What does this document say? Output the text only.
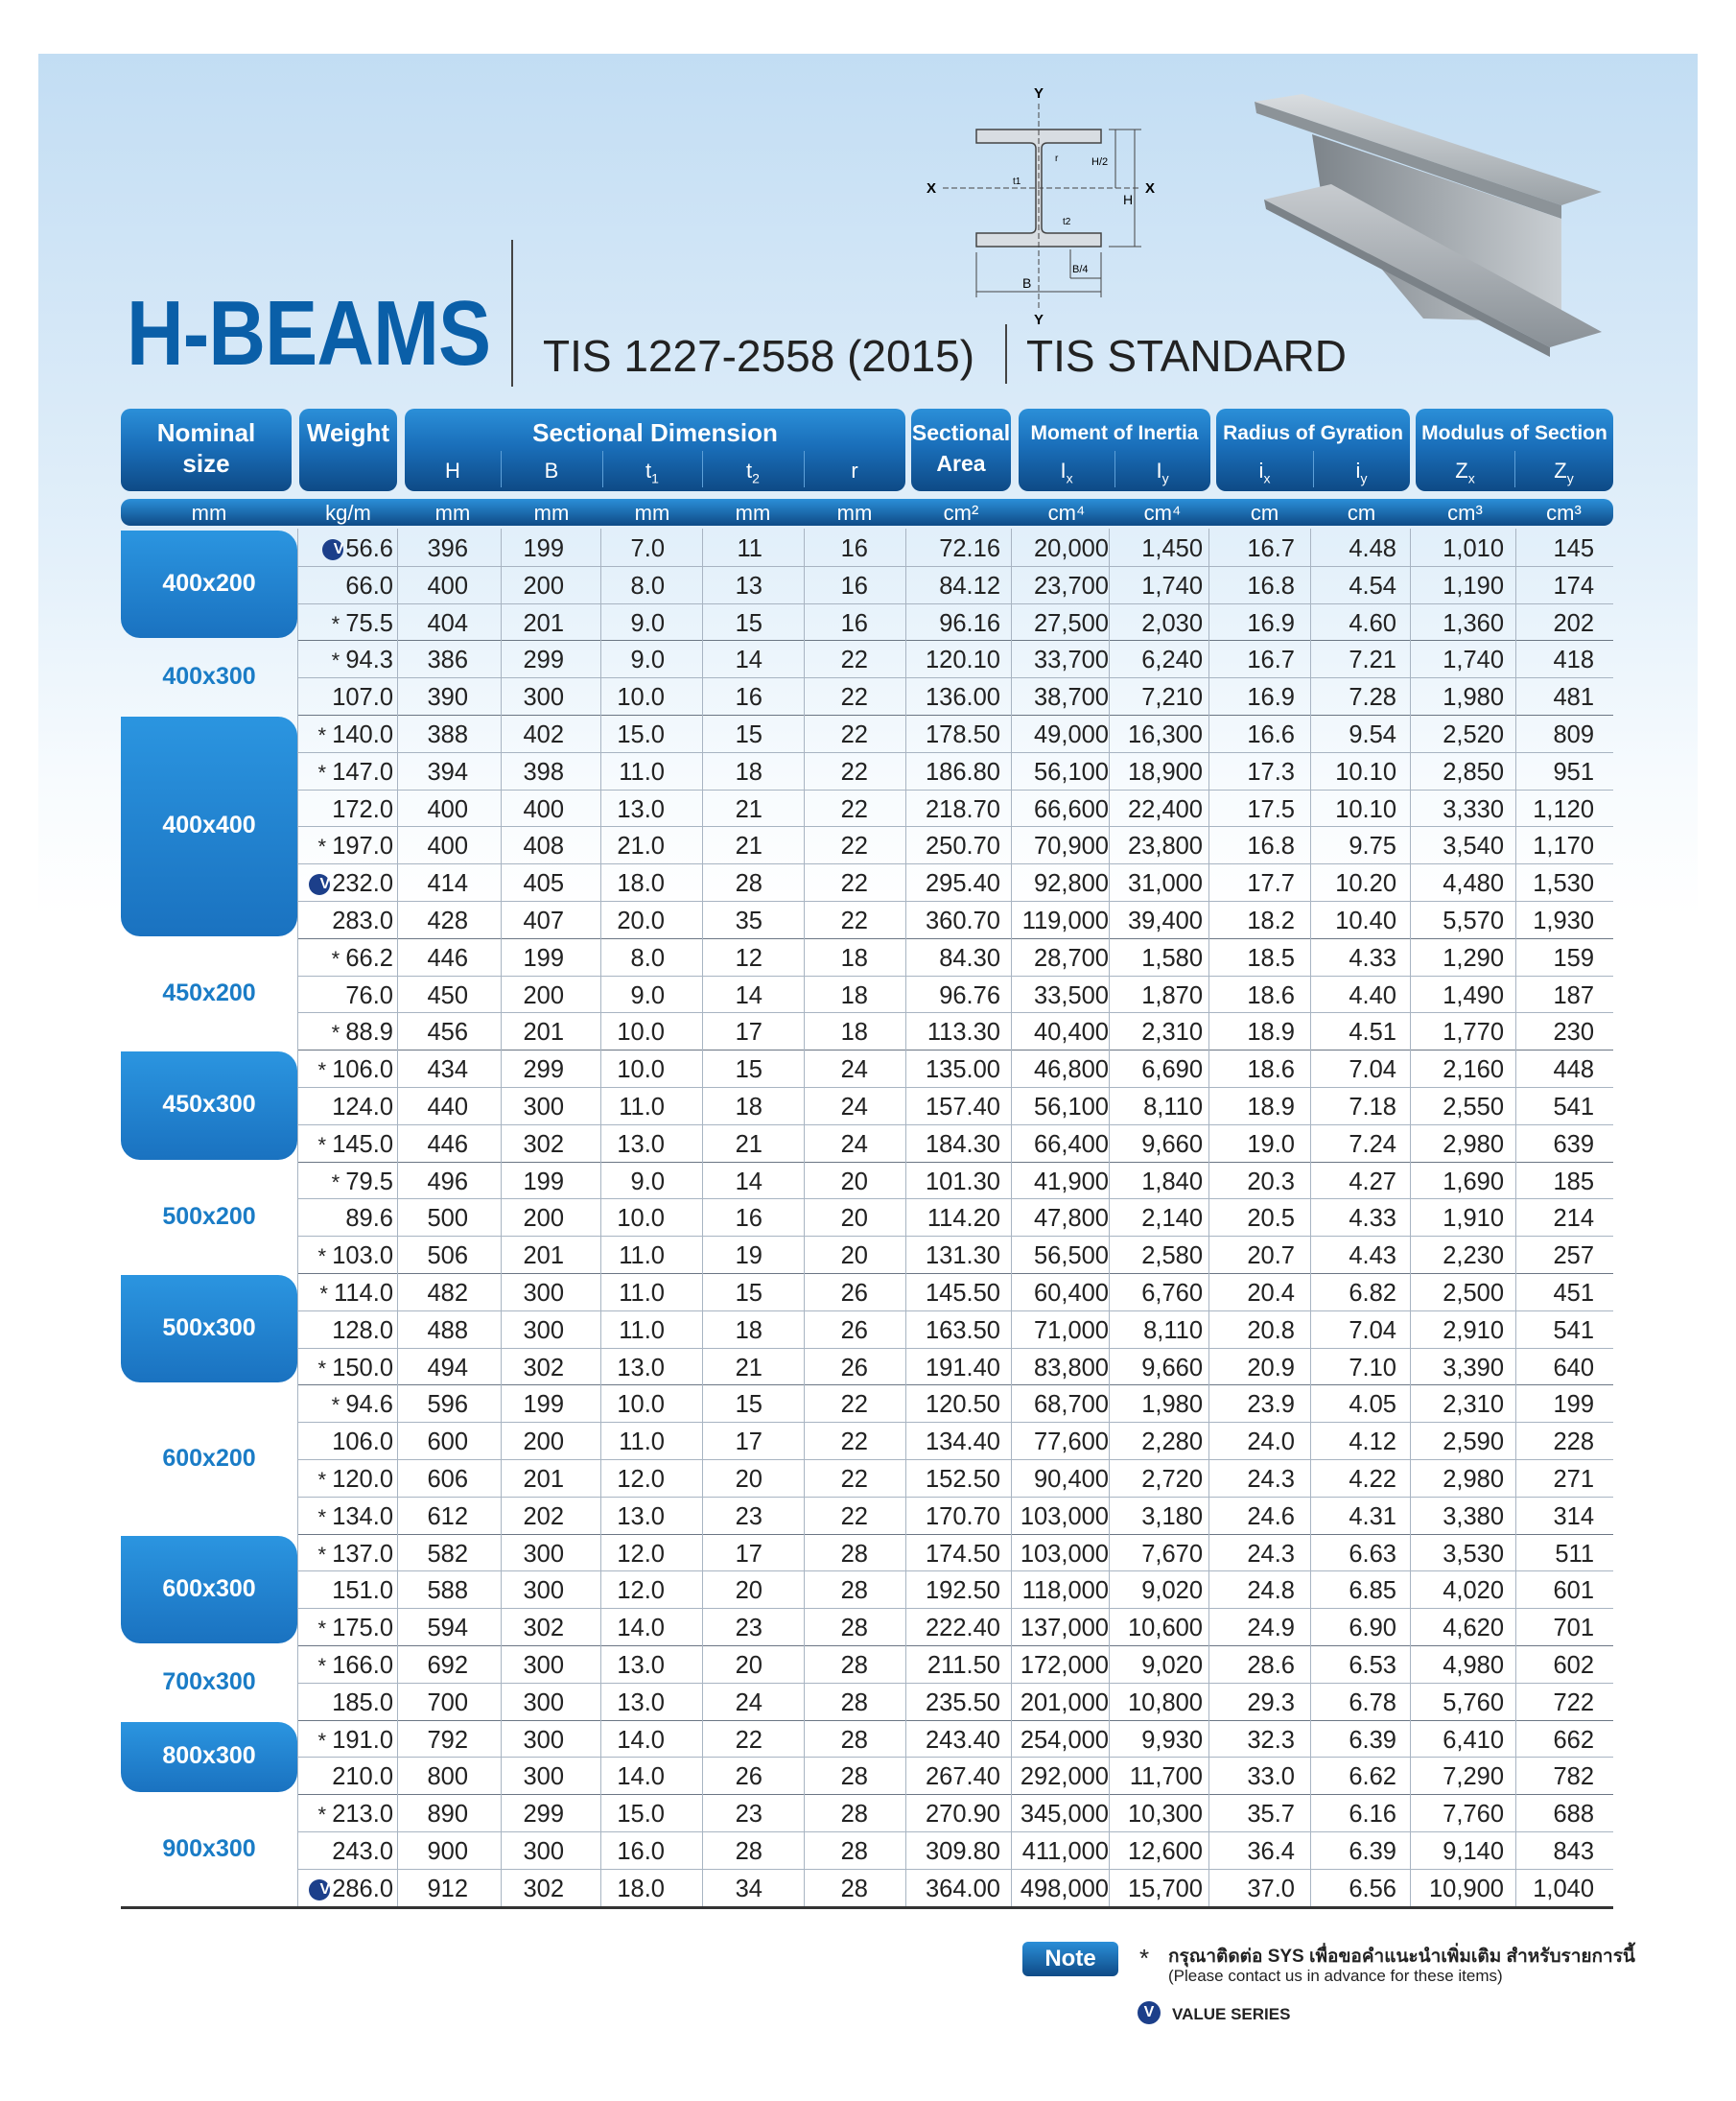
H-BEAMS TIS 1227-2558 (2015) TIS STANDARD
Y
Y
X	X
H
H/2
B
B/4
t1
t2
r
Nominal
size
Weight	Sectional Dimension
H	B	$t_1$	$t_2$	r
Sectional
Area
Moment of Inertia
$I_x$	$I_y$
Radius of Gyration
$i_x$	$i_y$
Modulus of Section
$Z_x$	$Z_y$
mm	kg/m	mm	mm	mm	mm	mm	cm²	cm⁴	cm⁴	cm	cm	cm³	cm³
400x200
V56.6	396	199	7.0	11	16	72.16	20,000	1,450	16.7	4.48	1,010	145
66.0	400	200	8.0	13	16	84.12	23,700	1,740	16.8	4.54	1,190	174
* 75.5	404	201	9.0	15	16	96.16	27,500	2,030	16.9	4.60	1,360	202
400x300
* 94.3	386	299	9.0	14	22	120.10	33,700	6,240	16.7	7.21	1,740	418
107.0	390	300	10.0	16	22	136.00	38,700	7,210	16.9	7.28	1,980	481
400x400
* 140.0	388	402	15.0	15	22	178.50	49,000 16,300	16.6	9.54	2,520	809
* 147.0	394	398	11.0	18	22	186.80	56,100 18,900	17.3	10.10	2,850	951
172.0	400	400	13.0	21	22	218.70	66,600 22,400	17.5	10.10	3,330	1,120
* 197.0	400	408	21.0	21	22	250.70	70,900 23,800	16.8	9.75	3,540	1,170
V232.0	414	405	18.0	28	22	295.40	92,800 31,000	17.7	10.20	4,480	1,530
283.0	428	407	20.0	35	22	360.70 119,000 39,400	18.2	10.40	5,570	1,930
450x200
* 66.2	446	199	8.0	12	18	84.30	28,700	1,580	18.5	4.33	1,290	159
76.0	450	200	9.0	14	18	96.76	33,500	1,870	18.6	4.40	1,490	187
* 88.9	456	201	10.0	17	18	113.30	40,400	2,310	18.9	4.51	1,770	230
450x300
* 106.0	434	299	10.0	15	24	135.00	46,800	6,690	18.6	7.04	2,160	448
124.0	440	300	11.0	18	24	157.40	56,100	8,110	18.9	7.18	2,550	541
* 145.0	446	302	13.0	21	24	184.30	66,400	9,660	19.0	7.24	2,980	639
500x200
* 79.5	496	199	9.0	14	20	101.30	41,900	1,840	20.3	4.27	1,690	185
89.6	500	200	10.0	16	20	114.20	47,800	2,140	20.5	4.33	1,910	214
* 103.0	506	201	11.0	19	20	131.30	56,500	2,580	20.7	4.43	2,230	257
500x300
* 114.0	482	300	11.0	15	26	145.50	60,400	6,760	20.4	6.82	2,500	451
128.0	488	300	11.0	18	26	163.50	71,000	8,110	20.8	7.04	2,910	541
* 150.0	494	302	13.0	21	26	191.40	83,800	9,660	20.9	7.10	3,390	640
600x200
* 94.6	596	199	10.0	15	22	120.50	68,700	1,980	23.9	4.05	2,310	199
106.0	600	200	11.0	17	22	134.40	77,600	2,280	24.0	4.12	2,590	228
* 120.0	606	201	12.0	20	22	152.50	90,400	2,720	24.3	4.22	2,980	271
* 134.0	612	202	13.0	23	22	170.70 103,000	3,180	24.6	4.31	3,380	314
600x300
* 137.0	582	300	12.0	17	28	174.50 103,000	7,670	24.3	6.63	3,530	511
151.0	588	300	12.0	20	28	192.50 118,000	9,020	24.8	6.85	4,020	601
* 175.0	594	302	14.0	23	28	222.40 137,000 10,600	24.9	6.90	4,620	701
700x300
* 166.0	692	300	13.0	20	28	211.50 172,000	9,020	28.6	6.53	4,980	602
185.0	700	300	13.0	24	28	235.50 201,000 10,800	29.3	6.78	5,760	722
800x300
* 191.0	792	300	14.0	22	28	243.40 254,000	9,930	32.3	6.39	6,410	662
210.0	800	300	14.0	26	28	267.40 292,000 11,700	33.0	6.62	7,290	782
900x300
* 213.0	890	299	15.0	23	28	270.90 345,000 10,300	35.7	6.16	7,760	688
243.0	900	300	16.0	28	28	309.80 411,000 12,600	36.4	6.39	9,140	843
V286.0	912	302	18.0	34	28	364.00 498,000 15,700	37.0	6.56	10,900	1,040
Note	* กรุณาติดต่อ SYS เพื่อขอคำแนะนำเพิ่มเติม สำหรับรายการนี้
(Please contact us in advance for these items)
V	VALUE SERIES
